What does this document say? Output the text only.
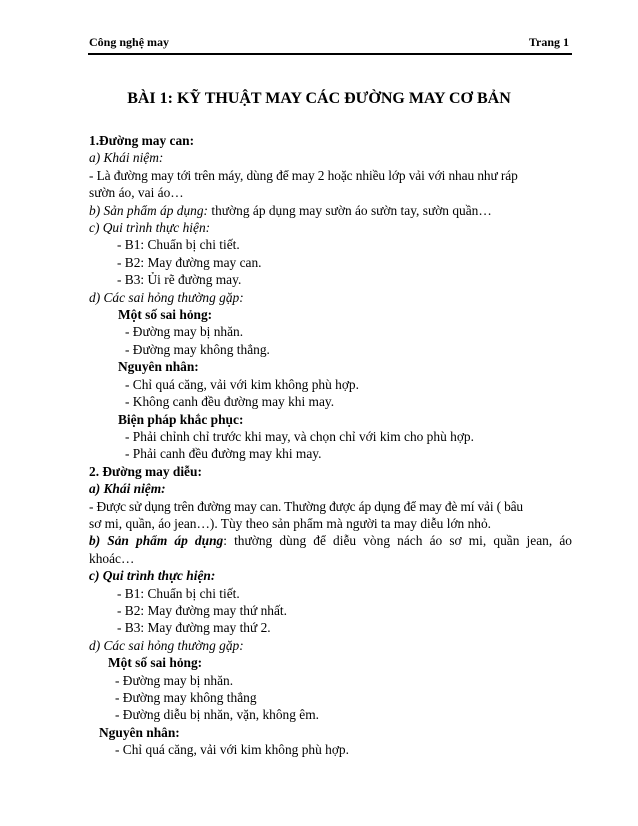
Công nghệ may	Trang 1
BÀI 1: KỸ THUẬT MAY CÁC ĐƯỜNG MAY CƠ BẢN
1.Đường may can:
a) Khái niệm:
- Là đường may tới trên máy, dùng để may 2 hoặc nhiều lớp vải với nhau như ráp
sườn áo, vai áo…
b) Sản phẩm áp dụng: thường áp dụng may sườn áo sườn tay, sườn quần…
c) Qui trình thực hiện:
- B1: Chuẩn bị chi tiết.
- B2: May đường may can.
- B3: Ủi rẽ đường may.
d) Các sai hỏng thường gặp:
Một số sai hỏng:
- Đường may bị nhăn.
- Đường may không thẳng.
Nguyên nhân:
- Chỉ quá căng, vải với kim không phù hợp.
- Không canh đều đường may khi may.
Biện pháp khắc phục:
- Phải chỉnh chỉ trước khi may, và chọn chỉ với kim cho phù hợp.
- Phải canh đều đường may khi may.
2. Đường may diễu:
a) Khái niệm:
- Được sử dụng trên đường may can. Thường được áp dụng để may đè mí vải ( bâu
sơ mi, quần, áo jean…). Tùy theo sản phẩm mà người ta may diễu lớn nhỏ.
b) Sản phẩm áp dụng: thường dùng để diễu vòng nách áo sơ mi, quần jean, áo
khoác…
c) Qui trình thực hiện:
- B1: Chuẩn bị chi tiết.
- B2: May đường may thứ nhất.
- B3: May đường may thứ 2.
d) Các sai hỏng thường gặp:
Một số sai hỏng:
- Đường may bị nhăn.
- Đường may không thẳng
- Đường diễu bị nhăn, vặn, không êm.
Nguyên nhân:
- Chỉ quá căng, vải với kim không phù hợp.
